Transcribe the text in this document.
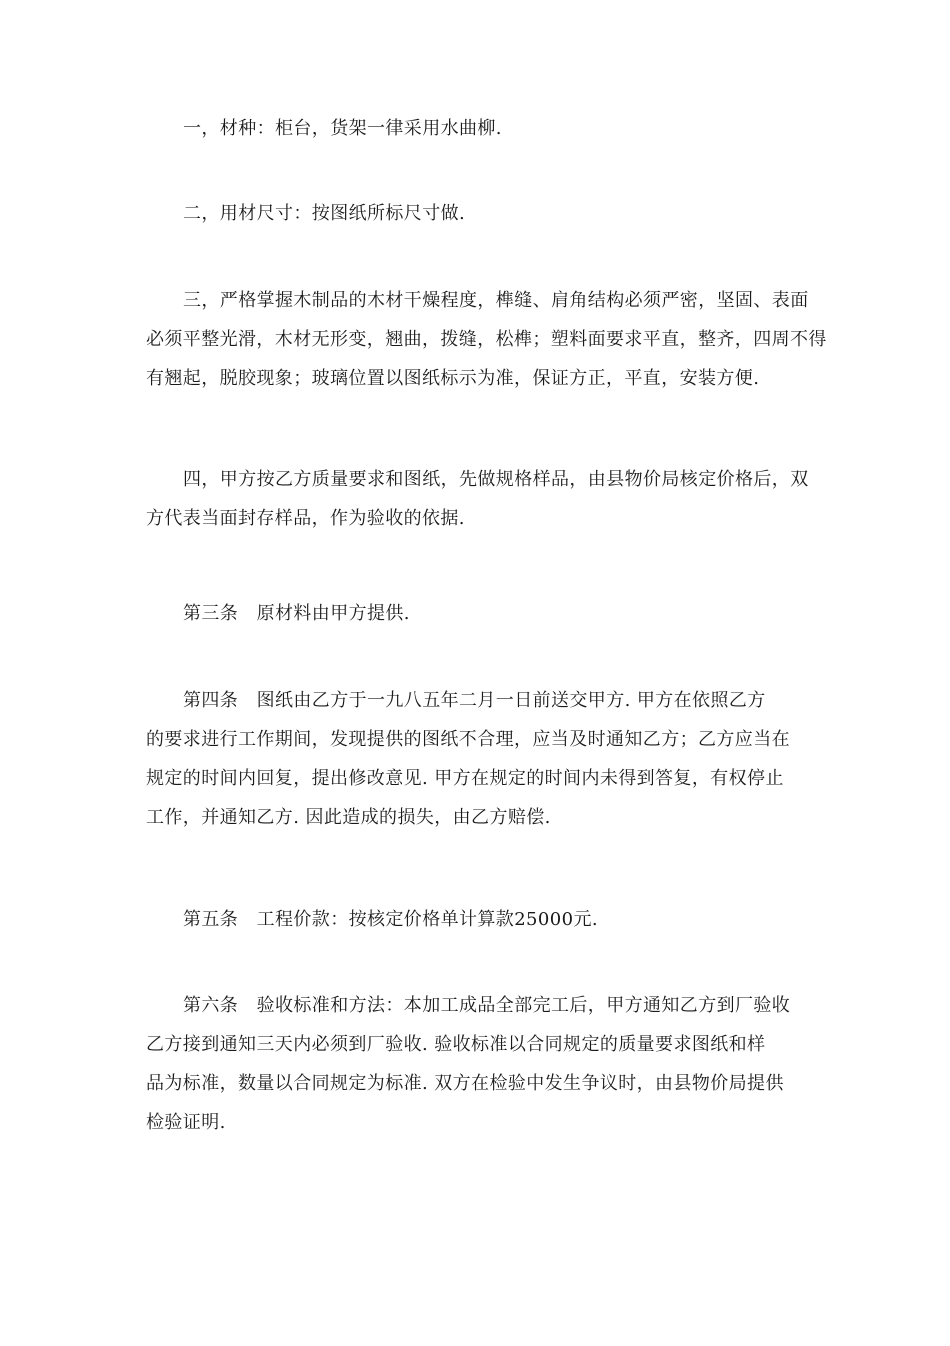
一，材种：柜台，货架一律采用水曲柳.

二，用材尺寸：按图纸所标尺寸做.

三，严格掌握木制品的木材干燥程度，榫缝、肩角结构必须严密，坚固、表面
必须平整光滑，木材无形变，翘曲，拨缝，松榫；塑料面要求平直，整齐，四周不得
有翘起，脱胶现象；玻璃位置以图纸标示为准，保证方正，平直，安装方便.

四，甲方按乙方质量要求和图纸，先做规格样品，由县物价局核定价格后，双
方代表当面封存样品，作为验收的依据.

第三条　原材料由甲方提供.

第四条　图纸由乙方于一九八五年二月一日前送交甲方. 甲方在依照乙方
的要求进行工作期间，发现提供的图纸不合理，应当及时通知乙方；乙方应当在
规定的时间内回复，提出修改意见. 甲方在规定的时间内未得到答复，有权停止
工作，并通知乙方. 因此造成的损失，由乙方赔偿.

第五条　工程价款：按核定价格单计算款25000元.

第六条　验收标准和方法：本加工成品全部完工后，甲方通知乙方到厂验收
乙方接到通知三天内必须到厂验收. 验收标准以合同规定的质量要求图纸和样
品为标准，数量以合同规定为标准. 双方在检验中发生争议时，由县物价局提供
检验证明.
